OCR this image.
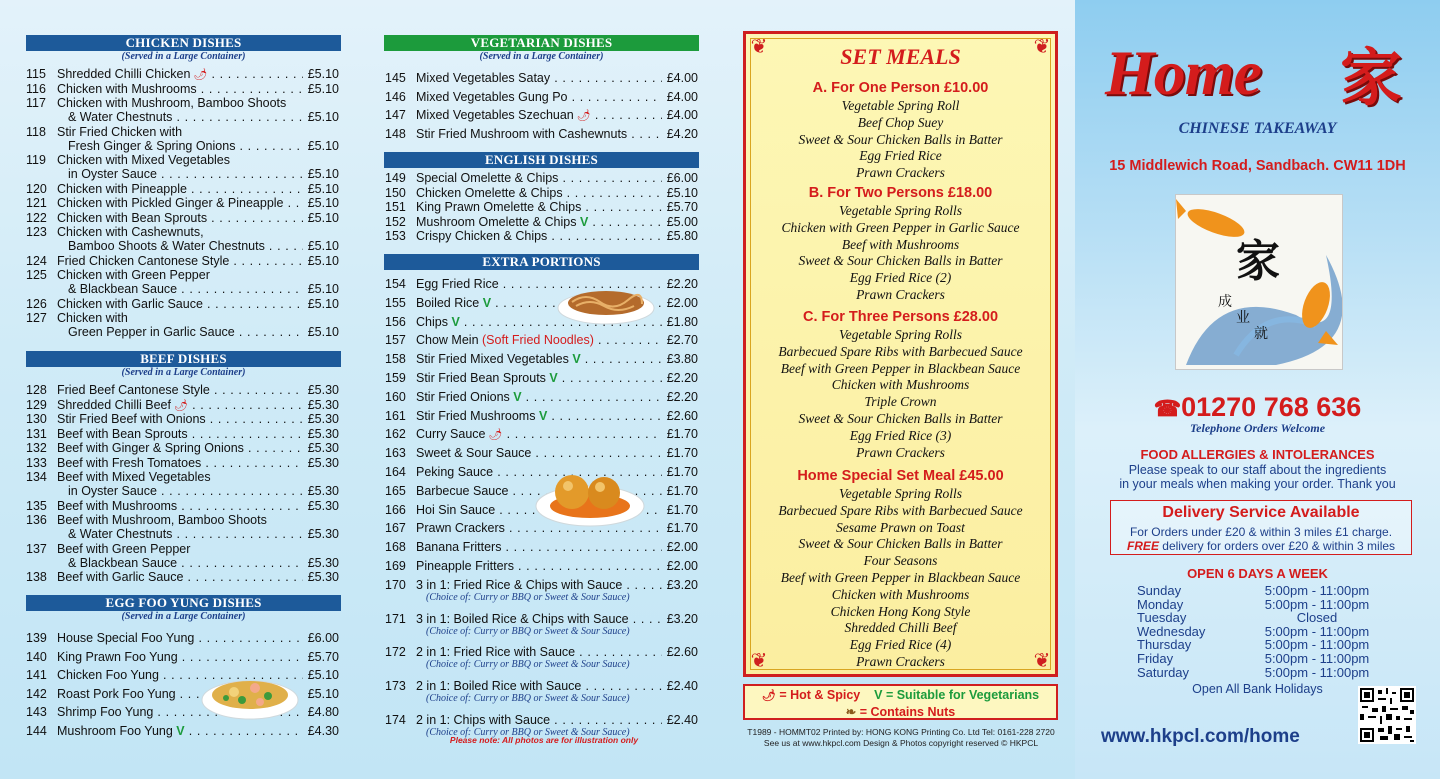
CHICKEN DISHES
(Served in a Large Container)
115 Shredded Chilli Chicken 🌶 . . .	£5.10
116 Chicken with Mushrooms . . .	£5.10
117 Chicken with Mushroom, Bamboo Shoots
& Water Chestnuts . . .	£5.10
118 Stir Fried Chicken with
Fresh Ginger & Spring Onions . . .	£5.10
119 Chicken with Mixed Vegetables
in Oyster Sauce . . .	£5.10
120 Chicken with Pineapple . . .	£5.10
121 Chicken with Pickled Ginger & Pineapple . . .	£5.10
122 Chicken with Bean Sprouts . . .	£5.10
123 Chicken with Cashewnuts,
Bamboo Shoots & Water Chestnuts . . .	£5.10
124 Fried Chicken Cantonese Style . . .	£5.10
125 Chicken with Green Pepper
& Blackbean Sauce . . .	£5.10
126 Chicken with Garlic Sauce . . .	£5.10
127 Chicken with
Green Pepper in Garlic Sauce . . .	£5.10
BEEF DISHES
(Served in a Large Container)
128 Fried Beef Cantonese Style . . .	£5.30
129 Shredded Chilli Beef 🌶 . . .	£5.30
130 Stir Fried Beef with Onions . . .	£5.30
131 Beef with Bean Sprouts . . .	£5.30
132 Beef with Ginger & Spring Onions . . .	£5.30
133 Beef with Fresh Tomatoes . . .	£5.30
134 Beef with Mixed Vegetables
in Oyster Sauce . . .	£5.30
135 Beef with Mushrooms . . .	£5.30
136 Beef with Mushroom, Bamboo Shoots
& Water Chestnuts . . .	£5.30
137 Beef with Green Pepper
& Blackbean Sauce . . .	£5.30
138 Beef with Garlic Sauce . . .	£5.30
EGG FOO YUNG DISHES
(Served in a Large Container)
139 House Special Foo Yung . . .	£6.00
140 King Prawn Foo Yung . . .	£5.70
141 Chicken Foo Yung . . .	£5.10
142 Roast Pork Foo Yung . . .	£5.10
143 Shrimp Foo Yung . . .	£4.80
144 Mushroom Foo Yung V . . .	£4.30
VEGETARIAN DISHES
(Served in a Large Container)
145 Mixed Vegetables Satay . . .	£4.00
146 Mixed Vegetables Gung Po . . .	£4.00
147 Mixed Vegetables Szechuan 🌶 . . .	£4.00
148 Stir Fried Mushroom with Cashewnuts . . .	£4.20
ENGLISH DISHES
149 Special Omelette & Chips . . .	£6.00
150 Chicken Omelette & Chips . . .	£5.10
151 King Prawn Omelette & Chips . . .	£5.70
152 Mushroom Omelette & Chips V . . .	£5.00
153 Crispy Chicken & Chips . . .	£5.80
EXTRA PORTIONS
154 Egg Fried Rice . . .	£2.20
155 Boiled Rice V . . .	£2.00
156 Chips V . . .	£1.80
157 Chow Mein (Soft Fried Noodles) . . .	£2.70
158 Stir Fried Mixed Vegetables V . . .	£3.80
159 Stir Fried Bean Sprouts V . . .	£2.20
160 Stir Fried Onions V . . .	£2.20
161 Stir Fried Mushrooms V . . .	£2.60
162 Curry Sauce 🌶 . . .	£1.70
163 Sweet & Sour Sauce . . .	£1.70
164 Peking Sauce . . .	£1.70
165 Barbecue Sauce . . .	£1.70
166 Hoi Sin Sauce . . .	£1.70
167 Prawn Crackers . . .	£1.70
168 Banana Fritters . . .	£2.00
169 Pineapple Fritters . . .	£2.00
170 3 in 1: Fried Rice & Chips with Sauce . . .	£3.20
(Choice of: Curry or BBQ or Sweet & Sour Sauce)
171 3 in 1: Boiled Rice & Chips with Sauce . . .	£3.20
(Choice of: Curry or BBQ or Sweet & Sour Sauce)
172 2 in 1: Fried Rice with Sauce . . .	£2.60
(Choice of: Curry or BBQ or Sweet & Sour Sauce)
173 2 in 1: Boiled Rice with Sauce . . .	£2.40
(Choice of: Curry or BBQ or Sweet & Sour Sauce)
174 2 in 1: Chips with Sauce . . .	£2.40
(Choice of: Curry or BBQ or Sweet & Sour Sauce)
Please note: All photos are for illustration only
❦	❦
❦	❦
SET MEALS
A. For One Person £10.00
Vegetable Spring Roll
Beef Chop Suey
Sweet & Sour Chicken Balls in Batter
Egg Fried Rice
Prawn Crackers
B. For Two Persons £18.00
Vegetable Spring Rolls
Chicken with Green Pepper in Garlic Sauce
Beef with Mushrooms
Sweet & Sour Chicken Balls in Batter
Egg Fried Rice (2)
Prawn Crackers
C. For Three Persons £28.00
Vegetable Spring Rolls
Barbecued Spare Ribs with Barbecued Sauce
Beef with Green Pepper in Blackbean Sauce
Chicken with Mushrooms
Triple Crown
Sweet & Sour Chicken Balls in Batter
Egg Fried Rice (3)
Prawn Crackers
Home Special Set Meal £45.00
Vegetable Spring Rolls
Barbecued Spare Ribs with Barbecued Sauce
Sesame Prawn on Toast
Sweet & Sour Chicken Balls in Batter
Four Seasons
Beef with Green Pepper in Blackbean Sauce
Chicken with Mushrooms
Chicken Hong Kong Style
Shredded Chilli Beef
Egg Fried Rice (4)
Prawn Crackers
🌶 = Hot & Spicy V = Suitable for Vegetarians
❧ = Contains Nuts
T1989 - HOMMT02 Printed by: HONG KONG Printing Co. Ltd Tel: 0161-228 2720
See us at www.hkpcl.com Design & Photos copyright reserved © HKPCL
Home 家
CHINESE TAKEAWAY
15 Middlewich Road, Sandbach. CW11 1DH
家
成
业
就
☎01270 768 636
Telephone Orders Welcome
FOOD ALLERGIES & INTOLERANCES
Please speak to our staff about the ingredients
in your meals when making your order. Thank you
Delivery Service Available
For Orders under £20 & within 3 miles £1 charge.
FREE delivery for orders over £20 & within 3 miles
OPEN 6 DAYS A WEEK
Sunday	5:00pm - 11:00pm
Monday	5:00pm - 11:00pm
Tuesday	Closed
Wednesday	5:00pm - 11:00pm
Thursday	5:00pm - 11:00pm
Friday	5:00pm - 11:00pm
Saturday	5:00pm - 11:00pm
Open All Bank Holidays
www.hkpcl.com/home
